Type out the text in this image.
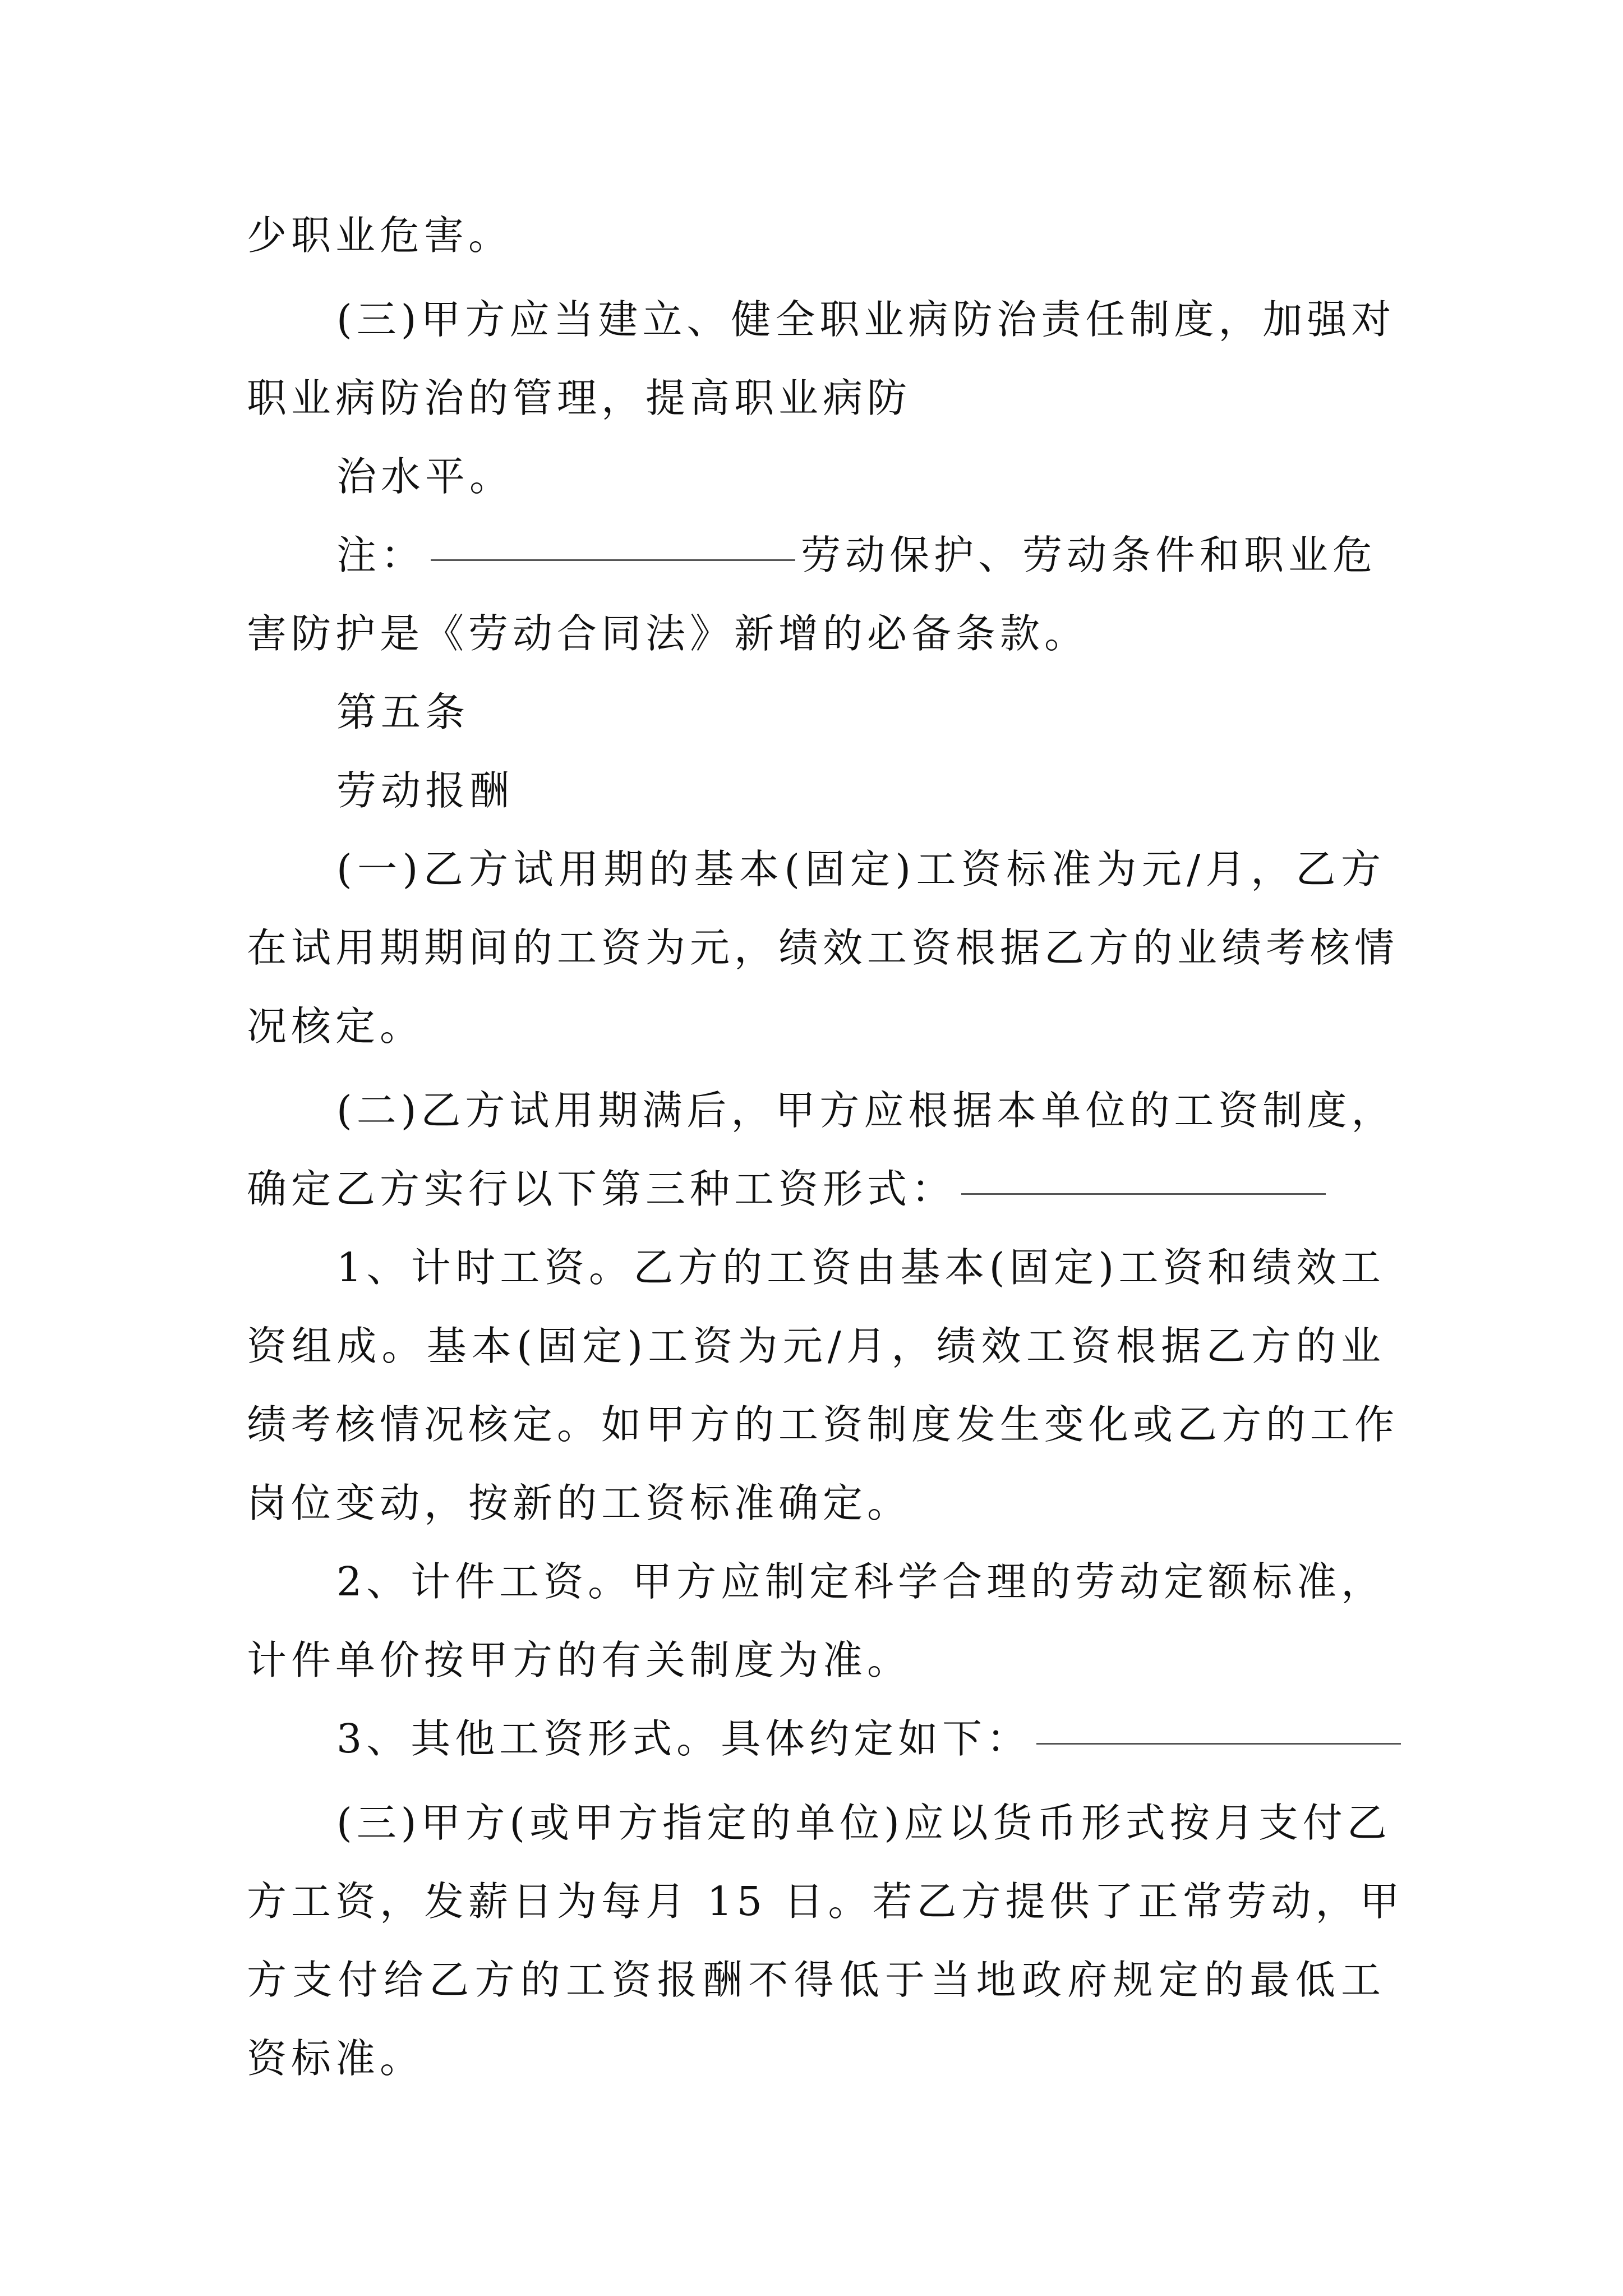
少职业危害。
(三)甲方应当建立、健全职业病防治责任制度，加强对
职业病防治的管理，提高职业病防
治水平。
注：	劳动保护、劳动条件和职业危
害防护是《劳动合同法》新增的必备条款。
第五条
劳动报酬
(一)乙方试用期的基本(固定)工资标准为元/月，乙方
在试用期期间的工资为元，绩效工资根据乙方的业绩考核情
况核定。
(二)乙方试用期满后，甲方应根据本单位的工资制度，
确定乙方实行以下第三种工资形式：
1、计时工资。乙方的工资由基本(固定)工资和绩效工
资组成。基本(固定)工资为元/月，绩效工资根据乙方的业
绩考核情况核定。如甲方的工资制度发生变化或乙方的工作
岗位变动，按新的工资标准确定。
2、计件工资。甲方应制定科学合理的劳动定额标准，
计件单价按甲方的有关制度为准。
3、其他工资形式。具体约定如下：
(三)甲方(或甲方指定的单位)应以货币形式按月支付乙
方工资，发薪日为每月 15 日。若乙方提供了正常劳动，甲
方支付给乙方的工资报酬不得低于当地政府规定的最低工
资标准。
